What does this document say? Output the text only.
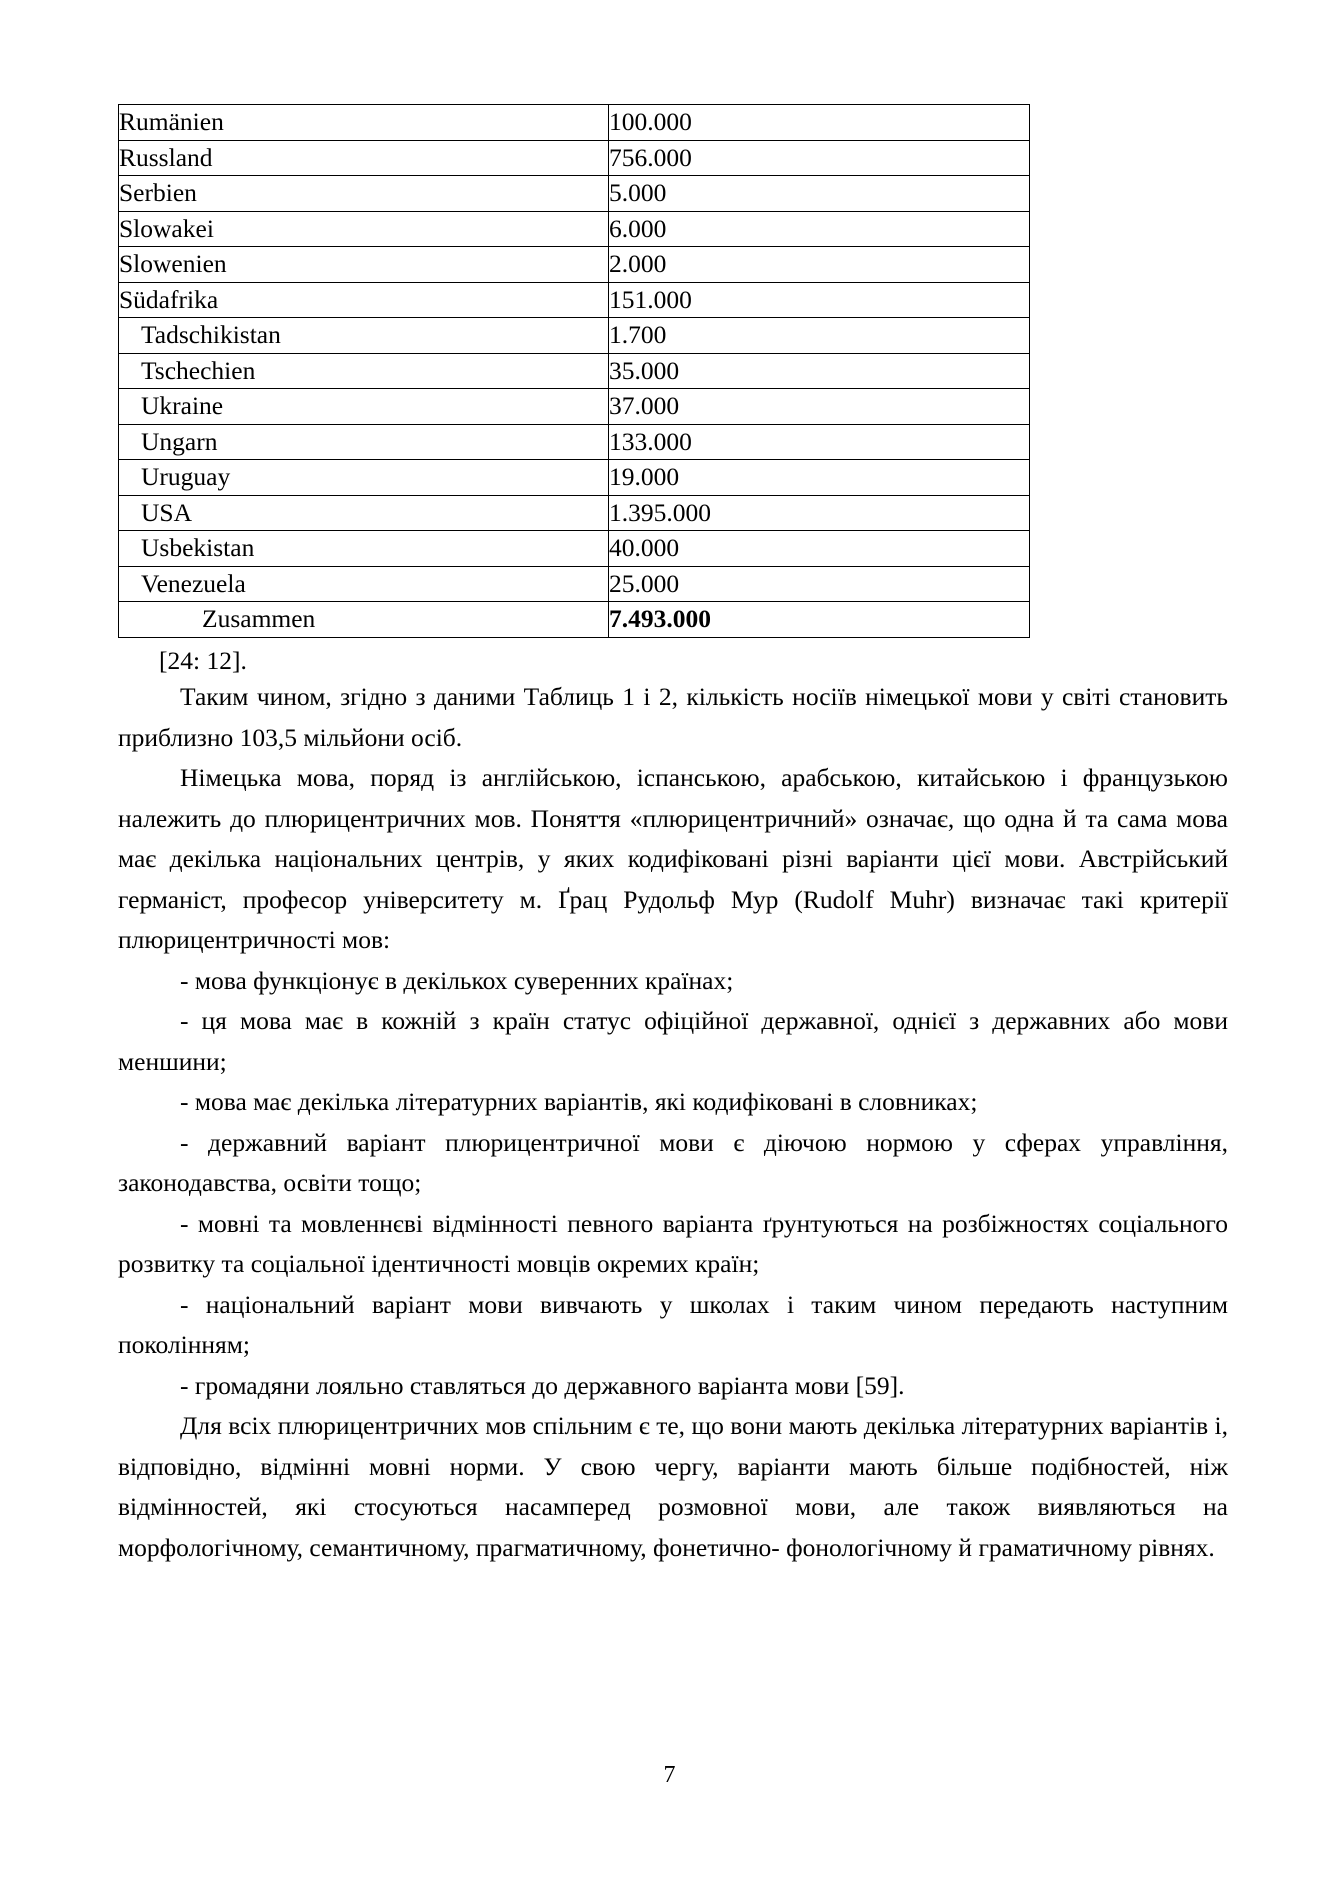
Rumänien	100.000
Russland	756.000
Serbien	5.000
Slowakei	6.000
Slowenien	2.000
Südafrika	151.000
Tadschikistan	1.700
Tschechien	35.000
Ukraine	37.000
Ungarn	133.000
Uruguay	19.000
USA	1.395.000
Usbekistan	40.000
Venezuela	25.000
Zusammen	7.493.000
[24: 12].

Таким чином, згідно з даними Таблиць 1 і 2, кількість носіїв німецької мови у світі становить приблизно 103,5 мільйони осіб.

Німецька мова, поряд із англійською, іспанською, арабською, китайською і французькою належить до плюрицентричних мов. Поняття «плюрицентричний» означає, що одна й та сама мова має декілька національних центрів, у яких кодифіковані різні варіанти цієї мови. Австрійський германіст, професор університету м. Ґрац Рудольф Мур (Rudolf Muhr) визначає такі критерії плюрицентричності мов:

- мова функціонує в декількох суверенних країнах;

- ця мова має в кожній з країн статус офіційної державної, однієї з державних або мови меншини;

- мова має декілька літературних варіантів, які кодифіковані в словниках;

- державний варіант плюрицентричної мови є діючою нормою у сферах управління, законодавства, освіти тощо;

- мовні та мовленнєві відмінності певного варіанта ґрунтуються на розбіжностях соціального розвитку та соціальної ідентичності мовців окремих країн;

- національний варіант мови вивчають у школах і таким чином передають наступним поколінням;

- громадяни лояльно ставляться до державного варіанта мови [59].

Для всіх плюрицентричних мов спільним є те, що вони мають декілька літературних варіантів і, відповідно, відмінні мовні норми. У свою чергу, варіанти мають більше подібностей, ніж відмінностей, які стосуються насамперед розмовної мови, але також виявляються на морфологічному, семантичному, прагматичному, фонетично- фонологічному й граматичному рівнях.

7
